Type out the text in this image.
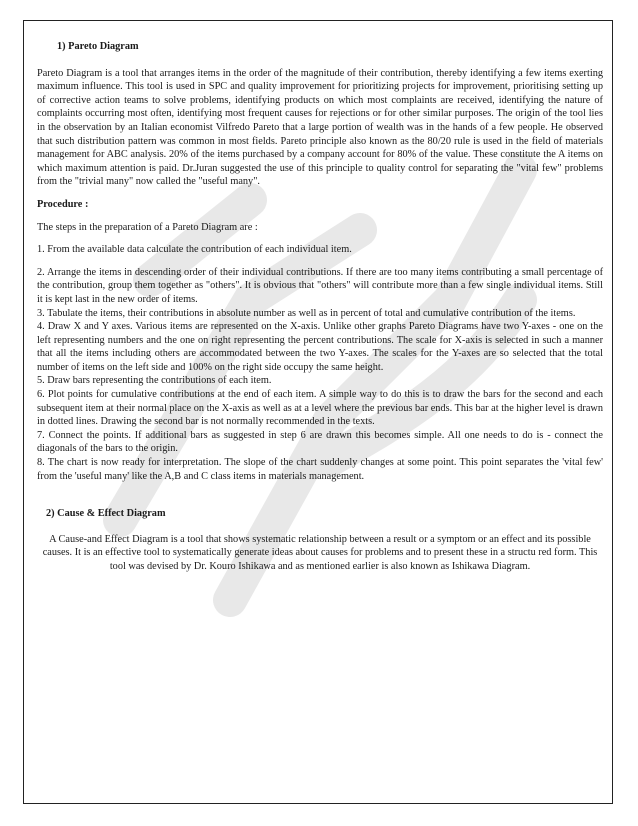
1) Pareto Diagram

Pareto Diagram is a tool that arranges items in the order of the magnitude of their contribution, thereby identifying a few items exerting maximum influence. This tool is used in SPC and quality improvement for prioritizing projects for improvement, prioritising setting up of corrective action teams to solve problems, identifying products on which most complaints are received, identifying the nature of complaints occurring most often, identifying most frequent causes for rejections or for other similar purposes. The origin of the tool lies in the observation by an Italian economist Vilfredo Pareto that a large portion of wealth was in the hands of a few people. He observed that such distribution pattern was common in most fields. Pareto principle also known as the 80/20 rule is used in the field of materials management for ABC analysis. 20% of the items purchased by a company account for 80% of the value. These constitute the A items on which maximum attention is paid. Dr.Juran suggested the use of this principle to quality control for separating the "vital few" problems from the "trivial many" now called the "useful many".

Procedure :

The steps in the preparation of a Pareto Diagram are :

1. From the available data calculate the contribution of each individual item.

2. Arrange the items in descending order of their individual contributions. If there are too many items contributing a small percentage of the contribution, group them together as "others". It is obvious that "others" will contribute more than a few single individual items. Still it is kept last in the new order of items.

3. Tabulate the items, their contributions in absolute number as well as in percent of total and cumulative contribution of the items.

4. Draw X and Y axes. Various items are represented on the X-axis. Unlike other graphs Pareto Diagrams have two Y-axes - one on the left representing numbers and the one on right representing the percent contributions. The scale for X-axis is selected in such a manner that all the items including others are accommodated between the two Y-axes. The scales for the Y-axes are so selected that the total number of items on the left side and 100% on the right side occupy the same height.

5. Draw bars representing the contributions of each item.

6. Plot points for cumulative contributions at the end of each item. A simple way to do this is to draw the bars for the second and each subsequent item at their normal place on the X-axis as well as at a level where the previous bar ends. This bar at the higher level is drawn in dotted lines. Drawing the second bar is not normally recommended in the texts.

7. Connect the points. If additional bars as suggested in step 6 are drawn this becomes simple. All one needs to do is - connect the diagonals of the bars to the origin.

8. The chart is now ready for interpretation. The slope of the chart suddenly changes at some point. This point separates the 'vital few' from the 'useful many' like the A,B and C class items in materials management.

2) Cause & Effect Diagram

A Cause-and Effect Diagram is a tool that shows systematic relationship between a result or a symptom or an effect and its possible causes. It is an effective tool to systematically generate ideas about causes for problems and to present these in a structu red form. This tool was devised by Dr. Kouro Ishikawa and as mentioned earlier is also known as Ishikawa Diagram.
